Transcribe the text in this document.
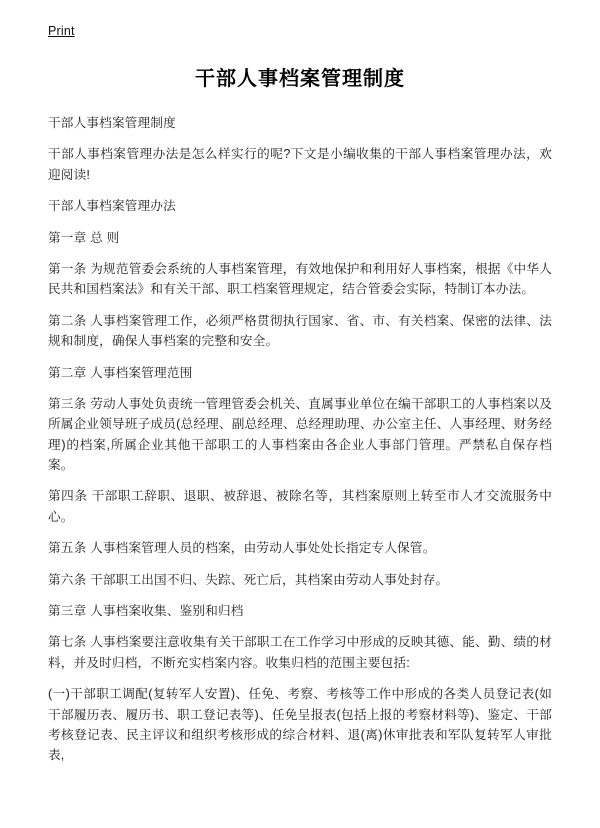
Print
干部人事档案管理制度

干部人事档案管理制度

干部人事档案管理办法是怎么样实行的呢?下文是小编收集的干部人事档案管理办法，欢迎阅读!

干部人事档案管理办法

第一章 总 则

第一条 为规范管委会系统的人事档案管理，有效地保护和利用好人事档案，根据《中华人民共和国档案法》和有关干部、职工档案管理规定，结合管委会实际，特制订本办法。

第二条 人事档案管理工作，必须严格贯彻执行国家、省、市、有关档案、保密的法律、法规和制度，确保人事档案的完整和安全。

第二章 人事档案管理范围

第三条 劳动人事处负责统一管理管委会机关、直属事业单位在编干部职工的人事档案以及所属企业领导班子成员(总经理、副总经理、总经理助理、办公室主任、人事经理、财务经理)的档案,所属企业其他干部职工的人事档案由各企业人事部门管理。严禁私自保存档案。

第四条 干部职工辞职、退职、被辞退、被除名等，其档案原则上转至市人才交流服务中心。

第五条 人事档案管理人员的档案，由劳动人事处处长指定专人保管。

第六条 干部职工出国不归、失踪、死亡后，其档案由劳动人事处封存。

第三章 人事档案收集、鉴别和归档

第七条 人事档案要注意收集有关干部职工在工作学习中形成的反映其德、能、勤、绩的材料，并及时归档，不断充实档案内容。收集归档的范围主要包括:

(一)干部职工调配(复转军人安置)、任免、考察、考核等工作中形成的各类人员登记表(如干部履历表、履历书、职工登记表等)、任免呈报表(包括上报的考察材料等)、鉴定、干部考核登记表、民主评议和组织考核形成的综合材料、退(离)休审批表和军队复转军人审批表,
